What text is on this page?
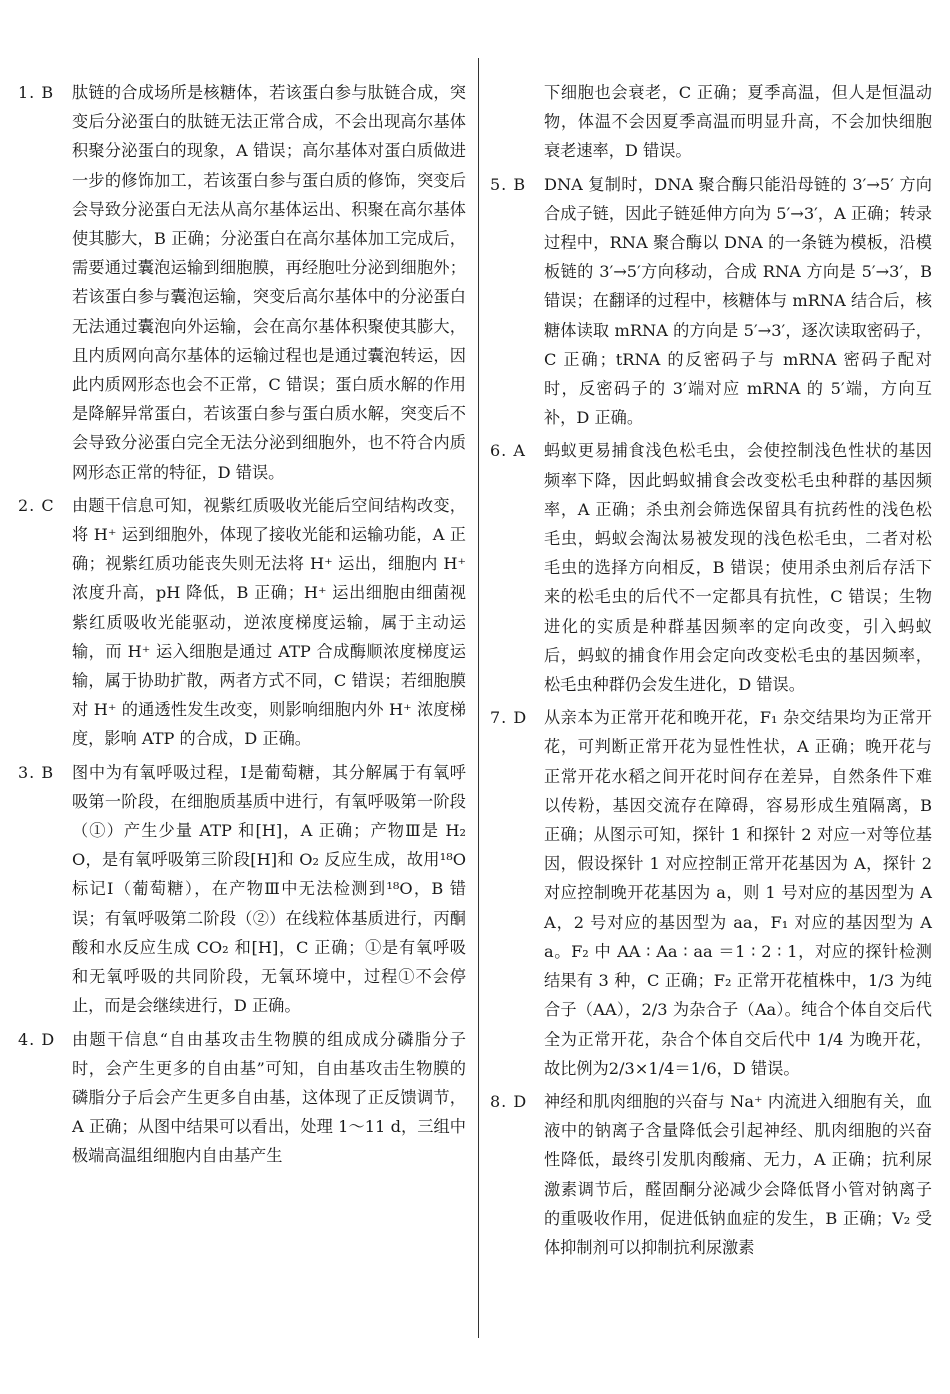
1. B	肽链的合成场所是核糖体，若该蛋白参与肽链合成，突变后分泌蛋白的肽链无法正常合成，不会出现高尔基体积聚分泌蛋白的现象，A 错误；高尔基体对蛋白质做进一步的修饰加工，若该蛋白参与蛋白质的修饰，突变后会导致分泌蛋白无法从高尔基体运出、积聚在高尔基体使其膨大，B 正确；分泌蛋白在高尔基体加工完成后，需要通过囊泡运输到细胞膜，再经胞吐分泌到细胞外；若该蛋白参与囊泡运输，突变后高尔基体中的分泌蛋白无法通过囊泡向外运输，会在高尔基体积聚使其膨大，且内质网向高尔基体的运输过程也是通过囊泡转运，因此内质网形态也会不正常，C 错误；蛋白质水解的作用是降解异常蛋白，若该蛋白参与蛋白质水解，突变后不会导致分泌蛋白完全无法分泌到细胞外，也不符合内质网形态正常的特征，D 错误。
2. C	由题干信息可知，视紫红质吸收光能后空间结构改变，将 H⁺ 运到细胞外，体现了接收光能和运输功能，A 正确；视紫红质功能丧失则无法将 H⁺ 运出，细胞内 H⁺ 浓度升高，pH 降低，B 正确；H⁺ 运出细胞由细菌视紫红质吸收光能驱动，逆浓度梯度运输，属于主动运输，而 H⁺ 运入细胞是通过 ATP 合成酶顺浓度梯度运输，属于协助扩散，两者方式不同，C 错误；若细胞膜对 H⁺ 的通透性发生改变，则影响细胞内外 H⁺ 浓度梯度，影响 ATP 的合成，D 正确。
3. B	图中为有氧呼吸过程，Ⅰ是葡萄糖，其分解属于有氧呼吸第一阶段，在细胞质基质中进行，有氧呼吸第一阶段（①）产生少量 ATP 和[H]，A 正确；产物Ⅲ是 H₂O，是有氧呼吸第三阶段[H]和 O₂ 反应生成，故用¹⁸O 标记Ⅰ（葡萄糖），在产物Ⅲ中无法检测到¹⁸O，B 错误；有氧呼吸第二阶段（②）在线粒体基质进行，丙酮酸和水反应生成 CO₂ 和[H]，C 正确；①是有氧呼吸和无氧呼吸的共同阶段，无氧环境中，过程①不会停止，而是会继续进行，D 正确。
4. D	由题干信息“自由基攻击生物膜的组成成分磷脂分子时，会产生更多的自由基”可知，自由基攻击生物膜的磷脂分子后会产生更多自由基，这体现了正反馈调节，A 正确；从图中结果可以看出，处理 1～11 d，三组中极端高温组细胞内自由基产生
下细胞也会衰老，C 正确；夏季高温，但人是恒温动物，体温不会因夏季高温而明显升高，不会加快细胞衰老速率，D 错误。
5. B	DNA 复制时，DNA 聚合酶只能沿母链的 3′→5′ 方向合成子链，因此子链延伸方向为 5′→3′，A 正确；转录过程中，RNA 聚合酶以 DNA 的一条链为模板，沿模板链的 3′→5′方向移动，合成 RNA 方向是 5′→3′，B 错误；在翻译的过程中，核糖体与 mRNA 结合后，核糖体读取 mRNA 的方向是 5′→3′，逐次读取密码子，C 正确；tRNA 的反密码子与 mRNA 密码子配对时，反密码子的 3′端对应 mRNA 的 5′端，方向互补，D 正确。
6. A	蚂蚁更易捕食浅色松毛虫，会使控制浅色性状的基因频率下降，因此蚂蚁捕食会改变松毛虫种群的基因频率，A 正确；杀虫剂会筛选保留具有抗药性的浅色松毛虫，蚂蚁会淘汰易被发现的浅色松毛虫，二者对松毛虫的选择方向相反，B 错误；使用杀虫剂后存活下来的松毛虫的后代不一定都具有抗性，C 错误；生物进化的实质是种群基因频率的定向改变，引入蚂蚁后，蚂蚁的捕食作用会定向改变松毛虫的基因频率，松毛虫种群仍会发生进化，D 错误。
7. D	从亲本为正常开花和晚开花，F₁ 杂交结果均为正常开花，可判断正常开花为显性性状，A 正确；晚开花与正常开花水稻之间开花时间存在差异，自然条件下难以传粉，基因交流存在障碍，容易形成生殖隔离，B 正确；从图示可知，探针 1 和探针 2 对应一对等位基因，假设探针 1 对应控制正常开花基因为 A，探针 2 对应控制晚开花基因为 a，则 1 号对应的基因型为 AA，2 号对应的基因型为 aa，F₁ 对应的基因型为 Aa。F₂ 中 AA ∶ Aa ∶ aa ＝1 ∶ 2 ∶ 1，对应的探针检测结果有 3 种，C 正确；F₂ 正常开花植株中，1/3 为纯合子（AA），2/3 为杂合子（Aa）。纯合个体自交后代全为正常开花，杂合个体自交后代中 1/4 为晚开花，故比例为2/3×1/4＝1/6，D 错误。
8. D	神经和肌肉细胞的兴奋与 Na⁺ 内流进入细胞有关，血液中的钠离子含量降低会引起神经、肌肉细胞的兴奋性降低，最终引发肌肉酸痛、无力，A 正确；抗利尿激素调节后，醛固酮分泌减少会降低肾小管对钠离子的重吸收作用，促进低钠血症的发生，B 正确；V₂ 受体抑制剂可以抑制抗利尿激素
